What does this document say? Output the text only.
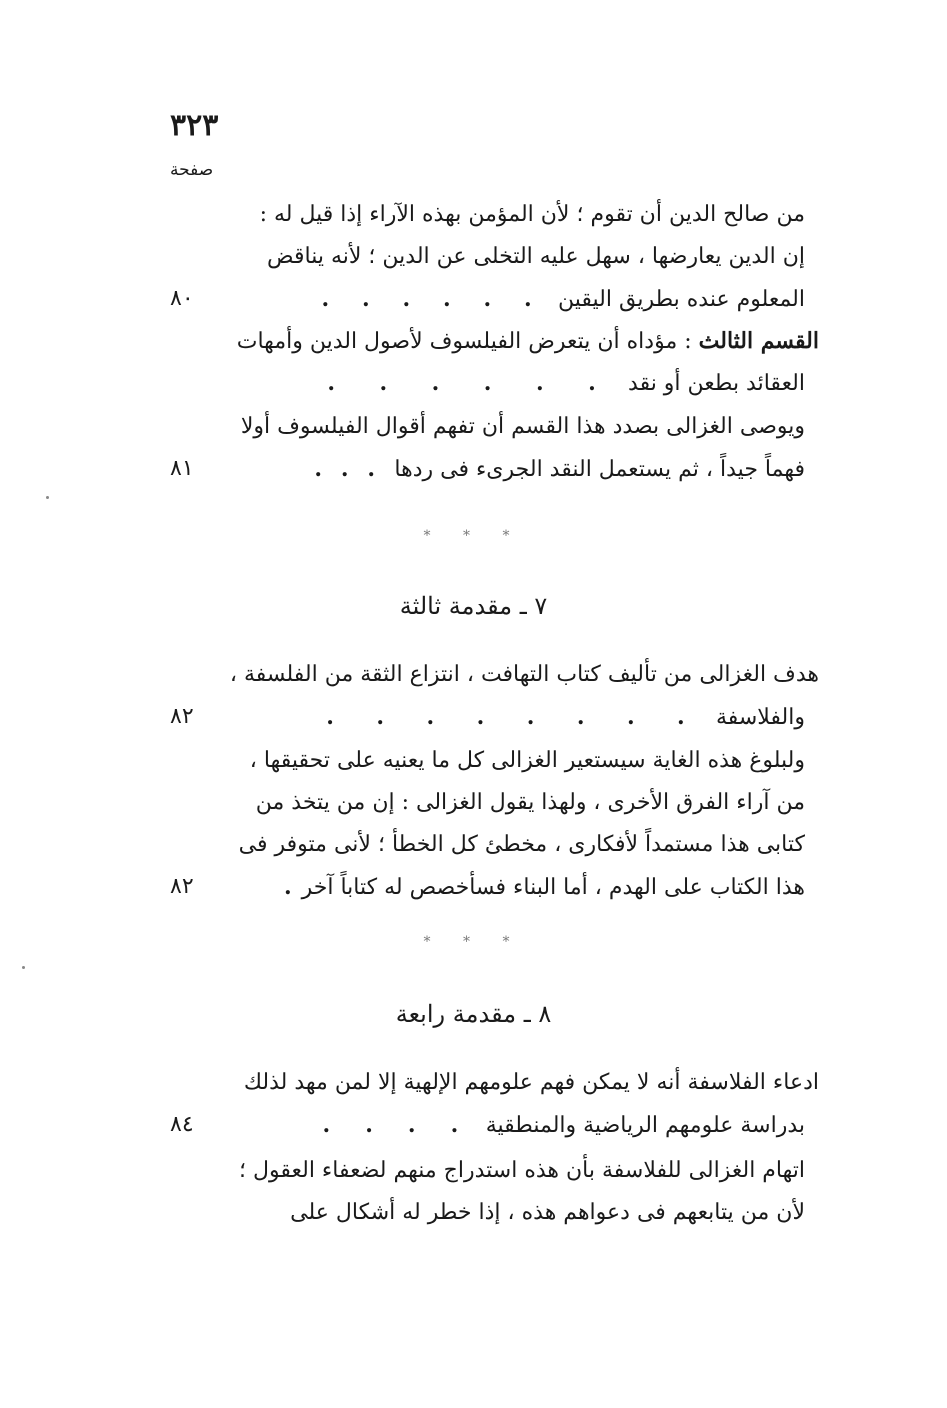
٣٢٣
صفحة
من صالح الدين أن تقوم ؛ لأن المؤمن بهذه الآراء إذا قيل له :
إن الدين يعارضها ، سهل عليه التخلى عن الدين ؛ لأنه يناقض
المعلوم عنده بطريق اليقين
.
.
.
.
.
.
٨٠
القسم الثالث : مؤداه أن يتعرض الفيلسوف لأصول الدين وأمهات
العقائد بطعن أو نقد
.
.
.
.
.
.
ويوصى الغزالى بصدد هذا القسم أن تفهم أقوال الفيلسوف أولا
فهماً جيداً ، ثم يستعمل النقد الجرىء فى ردها
.
.
.
٨١
* * *
٧ ـ مقدمة ثالثة
هدف الغزالى من تأليف كتاب التهافت ، انتزاع الثقة من الفلسفة ،
والفلاسفة
.
.
.
.
.
.
.
.
٨٢
ولبلوغ هذه الغاية سيستعير الغزالى كل ما يعنيه على تحقيقها ،
من آراء الفرق الأخرى ، ولهذا يقول الغزالى : إن من يتخذ من
كتابى هذا مستمداً لأفكارى ، مخطئ كل الخطأ ؛ لأنى متوفر فى
هذا الكتاب على الهدم ، أما البناء فسأخصص له كتاباً آخر
.
٨٢
* * *
٨ ـ مقدمة رابعة
ادعاء الفلاسفة أنه لا يمكن فهم علومهم الإلهية إلا لمن مهد لذلك
بدراسة علومهم الرياضية والمنطقية
.
.
.
.
٨٤
اتهام الغزالى للفلاسفة بأن هذه استدراج منهم لضعفاء العقول ؛
لأن من يتابعهم فى دعواهم هذه ، إذا خطر له أشكال على
